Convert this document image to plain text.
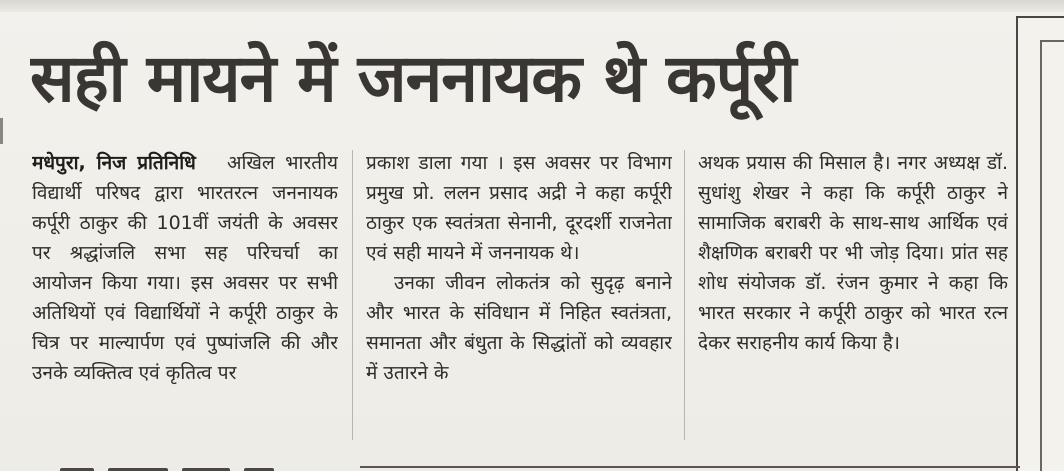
सही मायने में जननायक थे कर्पूरी

मधेपुरा, निज प्रतिनिधि अखिल भारतीय विद्यार्थी परिषद द्वारा भारतरत्न जननायक कर्पूरी ठाकुर की 101वीं जयंती के अवसर पर श्रद्धांजलि सभा सह परिचर्चा का आयोजन किया गया। इस अवसर पर सभी अतिथियों एवं विद्यार्थियों ने कर्पूरी ठाकुर के चित्र पर माल्यार्पण एवं पुष्पांजलि की और उनके व्यक्तित्व एवं कृतित्व पर

प्रकाश डाला गया । इस अवसर पर विभाग प्रमुख प्रो. ललन प्रसाद अद्री ने कहा कर्पूरी ठाकुर एक स्वतंत्रता सेनानी, दूरदर्शी राजनेता एवं सही मायने में जननायक थे।

उनका जीवन लोकतंत्र को सुदृढ़ बनाने और भारत के संविधान में निहित स्वतंत्रता, समानता और बंधुता के सिद्धांतों को व्यवहार में उतारने के

अथक प्रयास की मिसाल है। नगर अध्यक्ष डॉ. सुधांशु शेखर ने कहा कि कर्पूरी ठाकुर ने सामाजिक बराबरी के साथ-साथ आर्थिक एवं शैक्षणिक बराबरी पर भी जोड़ दिया। प्रांत सह शोध संयोजक डॉ. रंजन कुमार ने कहा कि भारत सरकार ने कर्पूरी ठाकुर को भारत रत्न देकर सराहनीय कार्य किया है।
